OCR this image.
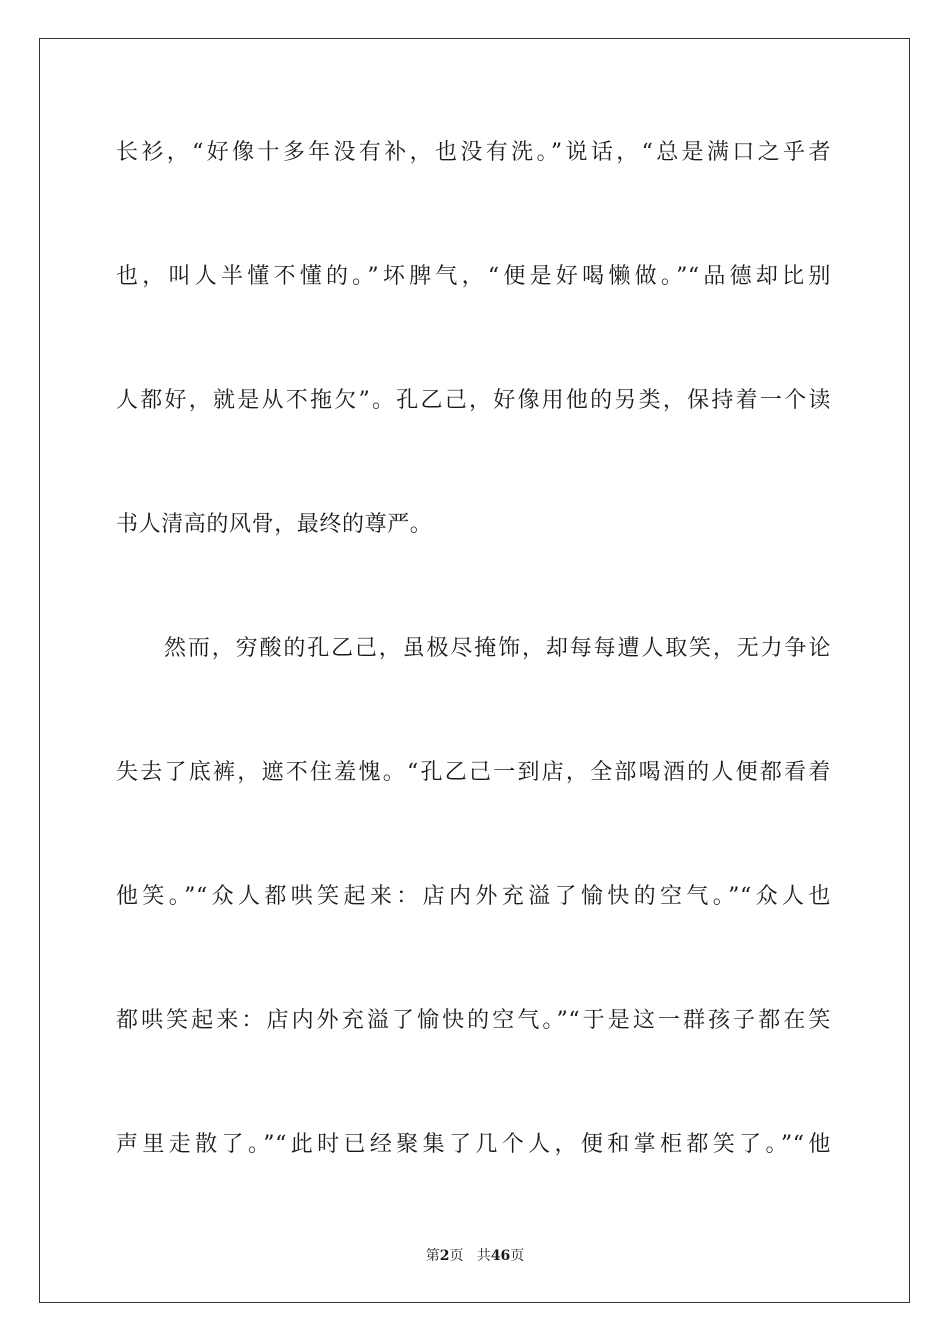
长衫，“好像十多年没有补，也没有洗。”说话，“总是满口之乎者
也，叫人半懂不懂的。”坏脾气，“便是好喝懒做。”“品德却比别
人都好，就是从不拖欠”。孔乙己，好像用他的另类，保持着一个读
书人清高的风骨，最终的尊严。
然而，穷酸的孔乙己，虽极尽掩饰，却每每遭人取笑，无力争论
失去了底裤，遮不住羞愧。“孔乙己一到店，全部喝酒的人便都看着
他笑。”“众人都哄笑起来：店内外充溢了愉快的空气。”“众人也
都哄笑起来：店内外充溢了愉快的空气。”“于是这一群孩子都在笑
声里走散了。”“此时已经聚集了几个人，便和掌柜都笑了。”“他
第2页 共46页
